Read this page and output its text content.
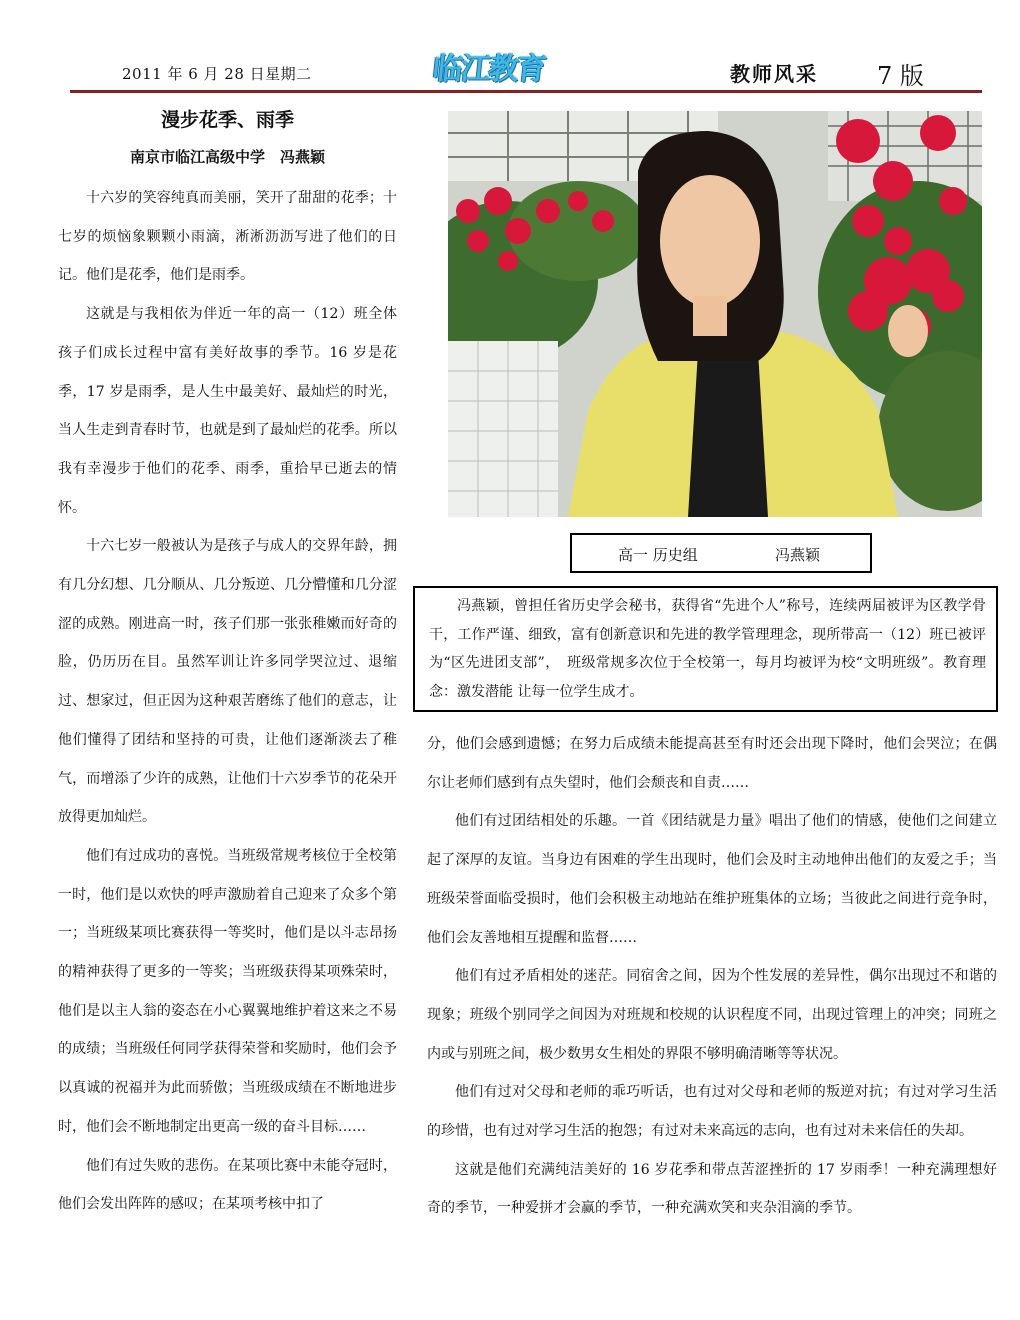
2011 年 6 月 28 日星期二	临江教育	教师风采 7 版
漫步花季、雨季
南京市临江高级中学　冯燕颖

十六岁的笑容纯真而美丽，笑开了甜甜的花季；十七岁的烦恼象颗颗小雨滴，淅淅沥沥写进了他们的日记。他们是花季，他们是雨季。

这就是与我相依为伴近一年的高一（12）班全体孩子们成长过程中富有美好故事的季节。16 岁是花季，17 岁是雨季，是人生中最美好、最灿烂的时光，当人生走到青春时节，也就是到了最灿烂的花季。所以我有幸漫步于他们的花季、雨季，重拾早已逝去的情怀。

十六七岁一般被认为是孩子与成人的交界年龄，拥有几分幻想、几分顺从、几分叛逆、几分懵懂和几分涩涩的成熟。刚进高一时，孩子们那一张张稚嫩而好奇的脸，仍历历在目。虽然军训让许多同学哭泣过、退缩过、想家过，但正因为这种艰苦磨练了他们的意志，让他们懂得了团结和坚持的可贵，让他们逐渐淡去了稚气，而增添了少许的成熟，让他们十六岁季节的花朵开放得更加灿烂。

他们有过成功的喜悦。当班级常规考核位于全校第一时，他们是以欢快的呼声激励着自己迎来了众多个第一；当班级某项比赛获得一等奖时，他们是以斗志昂扬的精神获得了更多的一等奖；当班级获得某项殊荣时，他们是以主人翁的姿态在小心翼翼地维护着这来之不易的成绩；当班级任何同学获得荣誉和奖励时，他们会予以真诚的祝福并为此而骄傲；当班级成绩在不断地进步时，他们会不断地制定出更高一级的奋斗目标……

他们有过失败的悲伤。在某项比赛中未能夺冠时，他们会发出阵阵的感叹；在某项考核中扣了

高一 历史组	冯燕颖

冯燕颖，曾担任省历史学会秘书，获得省“先进个人”称号，连续两届被评为区教学骨干，工作严谨、细致，富有创新意识和先进的教学管理理念，现所带高一（12）班已被评为“区先进团支部”，　班级常规多次位于全校第一，每月均被评为校“文明班级”。教育理念：激发潜能 让每一位学生成才。

分，他们会感到遗憾；在努力后成绩未能提高甚至有时还会出现下降时，他们会哭泣；在偶尔让老师们感到有点失望时，他们会颓丧和自责……

他们有过团结相处的乐趣。一首《团结就是力量》唱出了他们的情感，使他们之间建立起了深厚的友谊。当身边有困难的学生出现时，他们会及时主动地伸出他们的友爱之手；当班级荣誉面临受损时，他们会积极主动地站在维护班集体的立场；当彼此之间进行竞争时，他们会友善地相互提醒和监督……

他们有过矛盾相处的迷茫。同宿舍之间，因为个性发展的差异性，偶尔出现过不和谐的现象；班级个别同学之间因为对班规和校规的认识程度不同，出现过管理上的冲突；同班之内或与别班之间，极少数男女生相处的界限不够明确清晰等等状况。

他们有过对父母和老师的乖巧听话，也有过对父母和老师的叛逆对抗；有过对学习生活的珍惜，也有过对学习生活的抱怨；有过对未来高远的志向，也有过对未来信任的失却。

这就是他们充满纯洁美好的 16 岁花季和带点苦涩挫折的 17 岁雨季！一种充满理想好奇的季节，一种爱拼才会赢的季节，一种充满欢笑和夹杂泪滴的季节。
